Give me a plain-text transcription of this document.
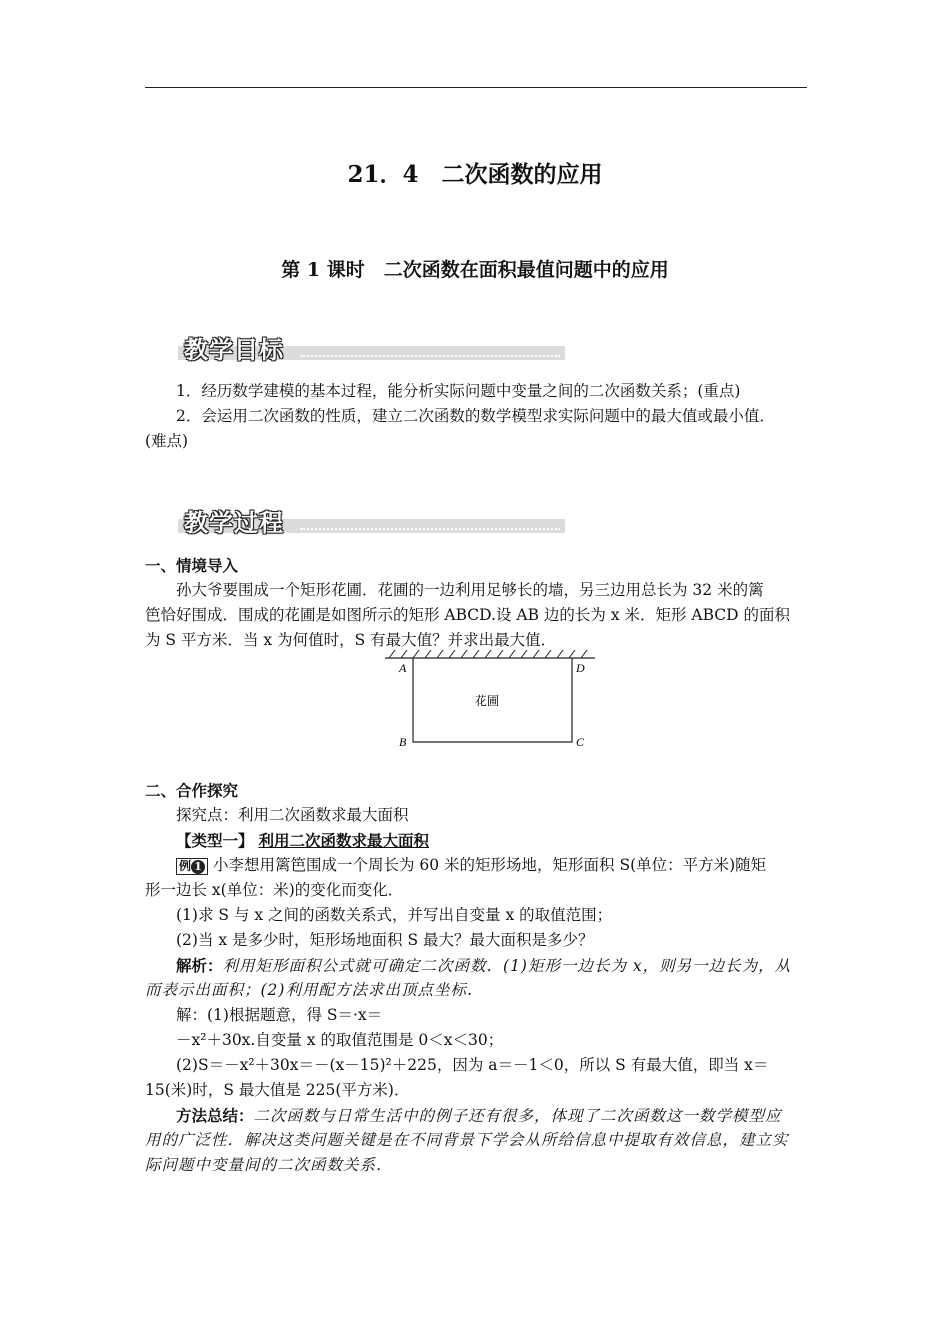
21．4　二次函数的应用
第 1 课时　二次函数在面积最值问题中的应用
教学目标
1．经历数学建模的基本过程，能分析实际问题中变量之间的二次函数关系；(重点)
2．会运用二次函数的性质，建立二次函数的数学模型求实际问题中的最大值或最小值．
(难点)
教学过程
一、情境导入
孙大爷要围成一个矩形花圃．花圃的一边利用足够长的墙，另三边用总长为 32 米的篱
笆恰好围成．围成的花圃是如图所示的矩形 ABCD.设 AB 边的长为 x 米．矩形 ABCD 的面积
为 S 平方米．当 x 为何值时，S 有最大值？并求出最大值．
A	D
B	C
花圃
二、合作探究
探究点：利用二次函数求最大面积
【类型一】 利用二次函数求最大面积
例 1 小李想用篱笆围成一个周长为 60 米的矩形场地，矩形面积 S(单位：平方米)随矩
形一边长 x(单位：米)的变化而变化．
(1)求 S 与 x 之间的函数关系式，并写出自变量 x 的取值范围；
(2)当 x 是多少时，矩形场地面积 S 最大？最大面积是多少？
解析：利用矩形面积公式就可确定二次函数．(1)矩形一边长为 x，则另一边长为，从
而表示出面积；(2)利用配方法求出顶点坐标.
解：(1)根据题意，得 S＝·x＝
－x²＋30x.自变量 x 的取值范围是 0＜x＜30；
(2)S＝－x²＋30x＝－(x－15)²＋225，因为 a＝－1＜0，所以 S 有最大值，即当 x＝
15(米)时，S 最大值是 225(平方米)．
方法总结：二次函数与日常生活中的例子还有很多，体现了二次函数这一数学模型应
用的广泛性．解决这类问题关键是在不同背景下学会从所给信息中提取有效信息，建立实
际问题中变量间的二次函数关系．
